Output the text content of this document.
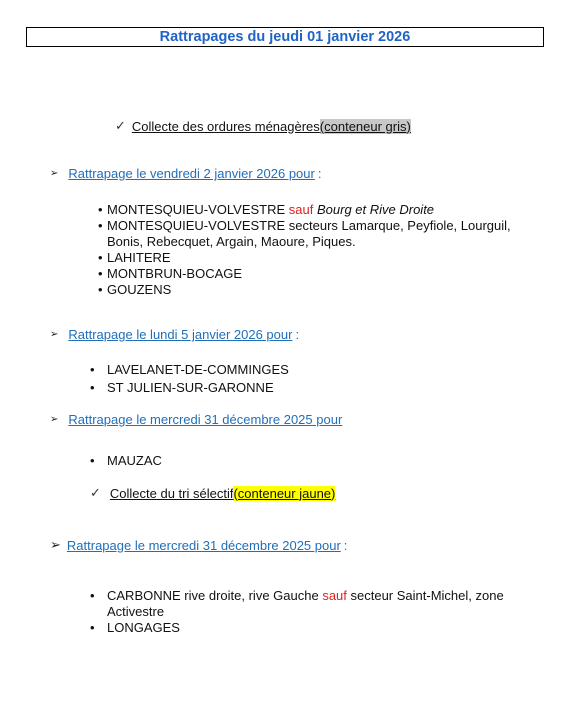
Rattrapages du jeudi 01 janvier 2026
✓ Collecte des ordures ménagères (conteneur gris)
➢ Rattrapage le vendredi 2 janvier 2026 pour :
• MONTESQUIEU-VOLVESTRE sauf Bourg et Rive Droite
• MONTESQUIEU-VOLVESTRE secteurs Lamarque, Peyfiole, Lourguil, Bonis, Rebecquet, Argain, Maoure, Piques.
• LAHITERE
• MONTBRUN-BOCAGE
• GOUZENS
➢ Rattrapage le lundi 5 janvier 2026 pour :
• LAVELANET-DE-COMMINGES
• ST JULIEN-SUR-GARONNE
➢ Rattrapage le mercredi 31 décembre 2025 pour
• MAUZAC
✓ Collecte du tri sélectif (conteneur jaune)
➢ Rattrapage le mercredi 31 décembre 2025 pour :
• CARBONNE rive droite, rive Gauche sauf secteur Saint-Michel, zone Activestre
• LONGAGES
